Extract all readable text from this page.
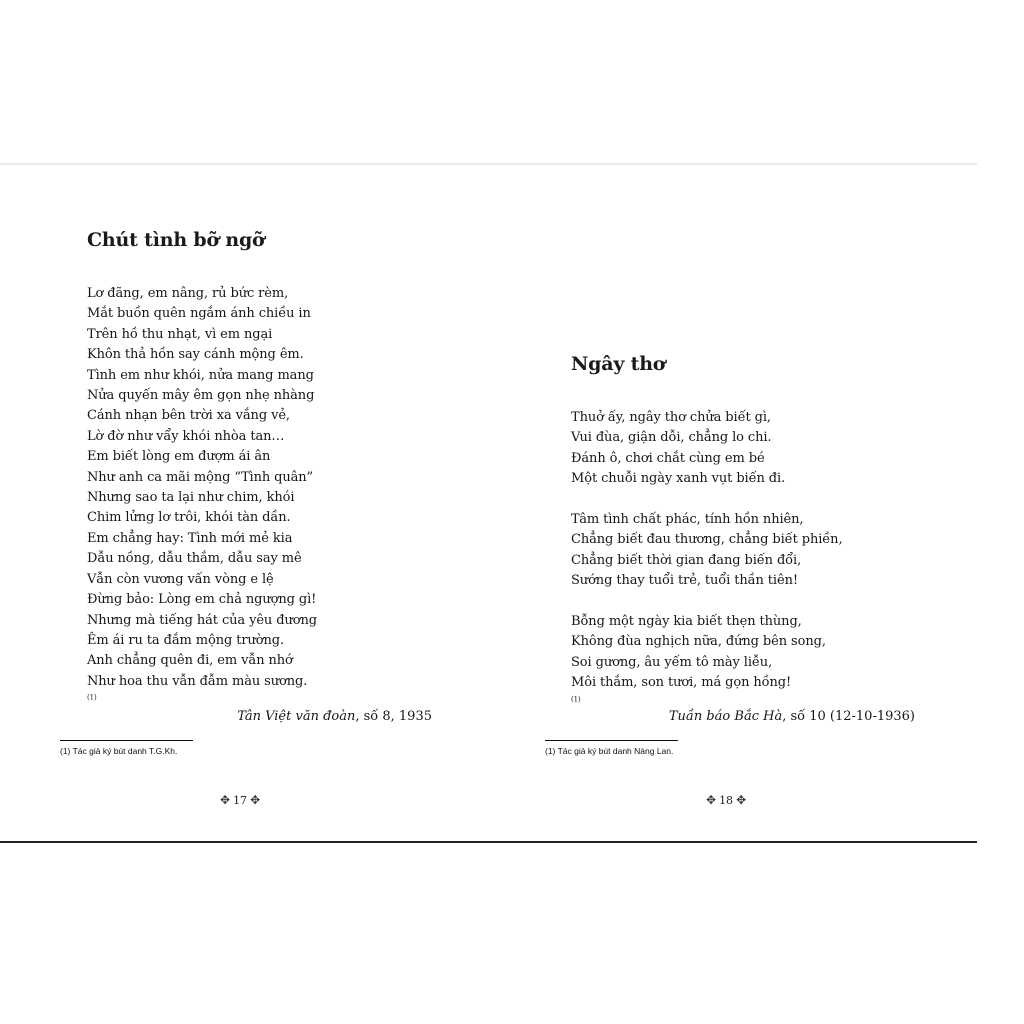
Chút tình bỡ ngỡ
Lơ đãng, em nâng, rủ bức rèm,
Mắt buồn quên ngắm ánh chiều in
Trên hồ thu nhạt, vì em ngại
Khôn thả hồn say cánh mộng êm.
Tình em như khói, nửa mang mang
Nửa quyến mây êm gọn nhẹ nhàng
Cánh nhạn bên trời xa vắng vẻ,
Lờ đờ như vẩy khói nhòa tan…
Em biết lòng em đượm ái ân
Như anh ca mãi mộng “Tình quân”
Nhưng sao ta lại như chim, khói
Chim lửng lơ trôi, khói tàn dần.
Em chẳng hay: Tình mới mẻ kia
Dẫu nồng, dẫu thắm, dẫu say mê
Vẫn còn vương vấn vòng e lệ
Đừng bảo: Lòng em chả ngượng gì!
Nhưng mà tiếng hát của yêu đương
Êm ái ru ta đắm mộng trường.
Anh chẳng quên đi, em vẫn nhớ
Như hoa thu vẫn đẫm màu sương.
$^{(1)}$
Tân Việt văn đoàn, số 8, 1935
(1) Tác giả ký bút danh T.G.Kh.
✥ 17 ✥
Ngây thơ
Thuở ấy, ngây thơ chửa biết gì,
Vui đùa, giận dỗi, chẳng lo chi.
Đánh ô, chơi chắt cùng em bé
Một chuỗi ngày xanh vụt biến đi.
Tâm tình chất phác, tính hồn nhiên,
Chẳng biết đau thương, chẳng biết phiền,
Chẳng biết thời gian đang biến đổi,
Sướng thay tuổi trẻ, tuổi thần tiên!
Bỗng một ngày kia biết thẹn thùng,
Không đùa nghịch nữa, đứng bên song,
Soi gương, âu yếm tô mày liễu,
Môi thắm, son tươi, má gọn hồng!
$^{(1)}$
Tuần báo Bắc Hà, số 10 (12-10-1936)
(1) Tác giả ký bút danh Nàng Lan.
✥ 18 ✥
